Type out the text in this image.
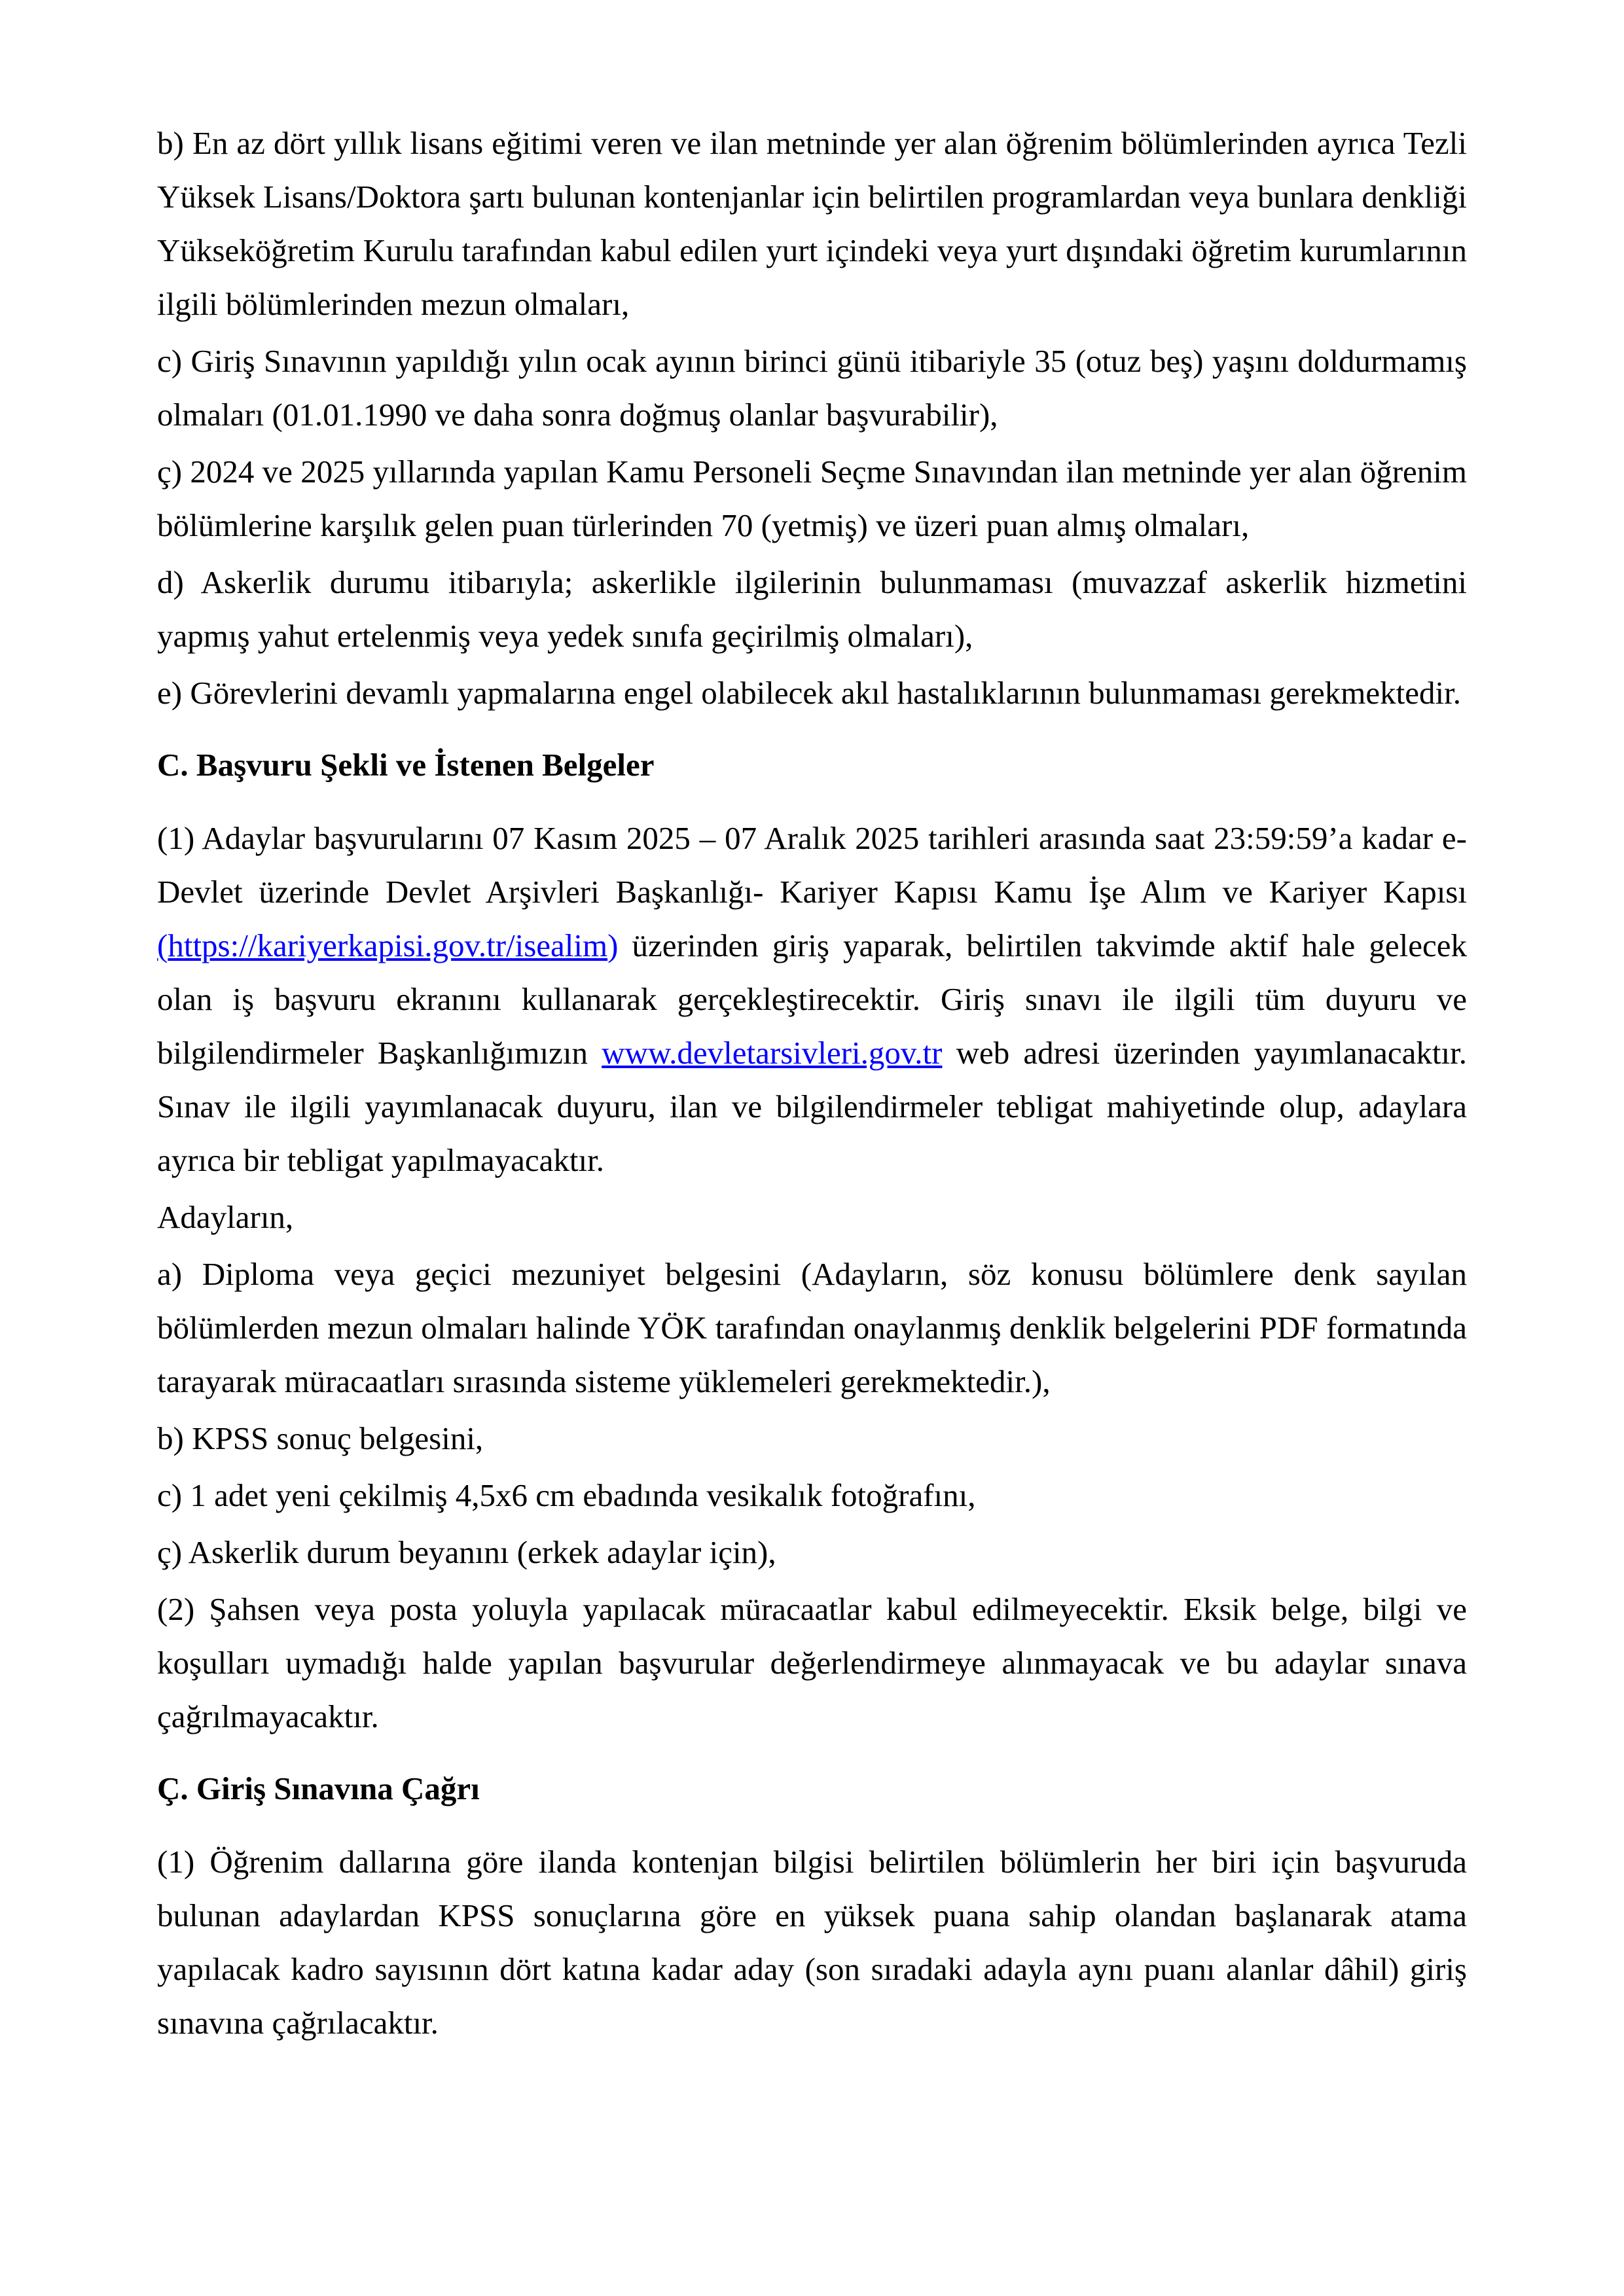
b) En az dört yıllık lisans eğitimi veren ve ilan metninde yer alan öğrenim bölümlerinden ayrıca Tezli Yüksek Lisans/Doktora şartı bulunan kontenjanlar için belirtilen programlardan veya bunlara denkliği Yükseköğretim Kurulu tarafından kabul edilen yurt içindeki veya yurt dışındaki öğretim kurumlarının ilgili bölümlerinden mezun olmaları,

c) Giriş Sınavının yapıldığı yılın ocak ayının birinci günü itibariyle 35 (otuz beş) yaşını doldurmamış olmaları (01.01.1990 ve daha sonra doğmuş olanlar başvurabilir),

ç) 2024 ve 2025 yıllarında yapılan Kamu Personeli Seçme Sınavından ilan metninde yer alan öğrenim bölümlerine karşılık gelen puan türlerinden 70 (yetmiş) ve üzeri puan almış olmaları,

d) Askerlik durumu itibarıyla; askerlikle ilgilerinin bulunmaması (muvazzaf askerlik hizmetini yapmış yahut ertelenmiş veya yedek sınıfa geçirilmiş olmaları),

e) Görevlerini devamlı yapmalarına engel olabilecek akıl hastalıklarının bulunmaması gerekmektedir.

C. Başvuru Şekli ve İstenen Belgeler

(1) Adaylar başvurularını 07 Kasım 2025 – 07 Aralık 2025 tarihleri arasında saat 23:59:59’a kadar e-Devlet üzerinde Devlet Arşivleri Başkanlığı- Kariyer Kapısı Kamu İşe Alım ve Kariyer Kapısı (https://kariyerkapisi.gov.tr/isealim) üzerinden giriş yaparak, belirtilen takvimde aktif hale gelecek olan iş başvuru ekranını kullanarak gerçekleştirecektir. Giriş sınavı ile ilgili tüm duyuru ve bilgilendirmeler Başkanlığımızın www.devletarsivleri.gov.tr web adresi üzerinden yayımlanacaktır. Sınav ile ilgili yayımlanacak duyuru, ilan ve bilgilendirmeler tebligat mahiyetinde olup, adaylara ayrıca bir tebligat yapılmayacaktır.

Adayların,

a) Diploma veya geçici mezuniyet belgesini (Adayların, söz konusu bölümlere denk sayılan bölümlerden mezun olmaları halinde YÖK tarafından onaylanmış denklik belgelerini PDF formatında tarayarak müracaatları sırasında sisteme yüklemeleri gerekmektedir.),

b) KPSS sonuç belgesini,

c) 1 adet yeni çekilmiş 4,5x6 cm ebadında vesikalık fotoğrafını,

ç) Askerlik durum beyanını (erkek adaylar için),

(2) Şahsen veya posta yoluyla yapılacak müracaatlar kabul edilmeyecektir. Eksik belge, bilgi ve koşulları uymadığı halde yapılan başvurular değerlendirmeye alınmayacak ve bu adaylar sınava çağrılmayacaktır.

Ç. Giriş Sınavına Çağrı

(1) Öğrenim dallarına göre ilanda kontenjan bilgisi belirtilen bölümlerin her biri için başvuruda bulunan adaylardan KPSS sonuçlarına göre en yüksek puana sahip olandan başlanarak atama yapılacak kadro sayısının dört katına kadar aday (son sıradaki adayla aynı puanı alanlar dâhil) giriş sınavına çağrılacaktır.
